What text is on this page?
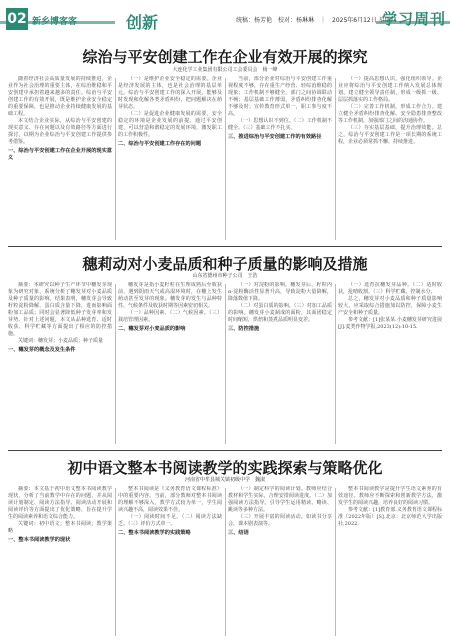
02 新乡博客客	创新	统稿：杨芳艳　校对：杨琳琳　｜　2025年6月12日 星期四
学习周刊
综治与平安创建工作在企业有效开展的探究
大连化学工业集团有限公司工会委员会　杨一峰

随着经济社会高质量发展的持续推进，企业作为社会治理的重要主体，在综治维稳和平安创建中承担着越来越多的责任。综治与平安创建工作的有效开展，既是维护企业安全稳定的重要保障，也是推动企业持续健康发展的基础工程。

本文结合企业实际，从综治与平安创建的现实意义、存在问题以及有效路径等方面进行探讨，以期为企业综治与平安创建工作提供参考借鉴。

一、综治与平安创建工作在企业开展的现实意义

（一）是维护企业安全稳定的需要。企业是经济发展的主体，也是社会治理的基层单元。综治与平安创建工作的深入开展，能够及时发现和化解各类矛盾纠纷，把问题解决在萌芽状态。

（二）是促进企业健康发展的需要。安全稳定的环境是企业发展的前提。通过平安创建，可以营造和谐稳定的发展环境，激发职工的工作积极性。

二、综治与平安创建工作存在的问题

当前，部分企业对综治与平安创建工作重视程度不够，存在重生产经营、轻综治维稳的现象；工作机制不够健全，部门之间协调联动不畅；基层基础工作薄弱，矛盾纠纷排查化解不够及时；宣传教育形式单一，职工参与度不高。

（一）思想认识不到位。（二）工作机制不健全。（三）基础工作不扎实。

三、推进综治与平安创建工作的有效路径

（一）提高思想认识，强化组织领导。企业应将综治与平安创建工作纳入发展总体规划，建立健全领导责任制，形成一级抓一级、层层抓落实的工作格局。

（二）完善工作机制，形成工作合力。建立健全矛盾纠纷排查化解、安全隐患排查整改等工作机制，加强部门之间的沟通协作。

（三）夯实基层基础，提升治理效能。总之，综治与平安创建工作是一项长期的系统工程，企业必须常抓不懈、持续推进。

穗莉动对小麦品质和种子质量的影响及措施
山东省德州市种子公司　王浩

摘要：本研究以种子生产环节中穗发芽现象为研究对象，系统分析了穗发芽对小麦品质及种子质量的影响。结果表明，穗发芽会导致籽粒淀粉降解、蛋白质含量下降，进而影响面粉加工品质；同时会显著降低种子发芽率和发芽势。针对上述问题，本文从品种选育、适时收获、科学贮藏等方面提出了相应的防控措施。

关键词：穗发芽；小麦品质；种子质量

一、穗发芽的概念及发生条件

穗发芽是指小麦籽粒在生理成熟后至收获前，遇到阴雨天气或高湿环境时，在穗上发生萌动甚至发芽的现象。穗发芽的发生与品种特性、气候条件及收获时期等因素密切相关。

（一）品种因素。（二）气候因素。（三）栽培管理因素。

二、穗发芽对小麦品质的影响

（一）对淀粉的影响。穗发芽后，籽粒内α-淀粉酶活性显著升高，导致淀粉大量降解，降落数值下降。

（二）对蛋白质的影响。（三）对加工品质的影响。穗发芽小麦制成的面粉，其面团稳定时间缩短，烘焙和蒸煮品质明显变差。

三、防控措施

（一）选育抗穗发芽品种。（二）适时收获，抢晴收割。（三）科学贮藏，控制水分。

总之，穗发芽对小麦品质和种子质量影响较大，应采取综合措施加以防控，保障小麦生产安全和种子质量。

参考文献：[1]张某某.小麦穗发芽研究进展[J].麦类作物学报,2023(12):10-15.

初中语文整本书阅读教学的实践探索与策略优化
河南省中牟县城关镇初级中学　魏淑

摘要：本文基于初中语文整本书阅读教学现状，分析了当前教学中存在的问题，并从阅读计划制定、阅读方法指导、阅读活动开展和阅读评价等方面提出了优化策略，旨在提升学生的阅读素养和语文综合能力。

关键词：初中语文；整本书阅读；教学策略

一、整本书阅读教学的现状

整本书阅读是《义务教育语文课程标准》中的重要内容。当前，部分教师对整本书阅读的理解不够深入，教学方式较为单一，学生阅读兴趣不高，阅读效果不佳。

（一）阅读时间不足。（二）阅读方法缺乏。（三）评价方式单一。

二、整本书阅读教学的实践策略

（一）制定科学的阅读计划。教师应结合教材和学生实际，合理安排阅读进度。（二）加强阅读方法指导。引导学生运用精读、略读、跳读等多种方法。

（三）开展丰富的阅读活动。如读书分享会、课本剧表演等。

三、结语

整本书阅读教学是提升学生语文素养的有效途径。教师应不断探索和创新教学方法，激发学生的阅读兴趣，培养良好的阅读习惯。

参考文献：[1]教育部.义务教育语文课程标准（2022年版）[S].北京：北京师范大学出版社,2022.
